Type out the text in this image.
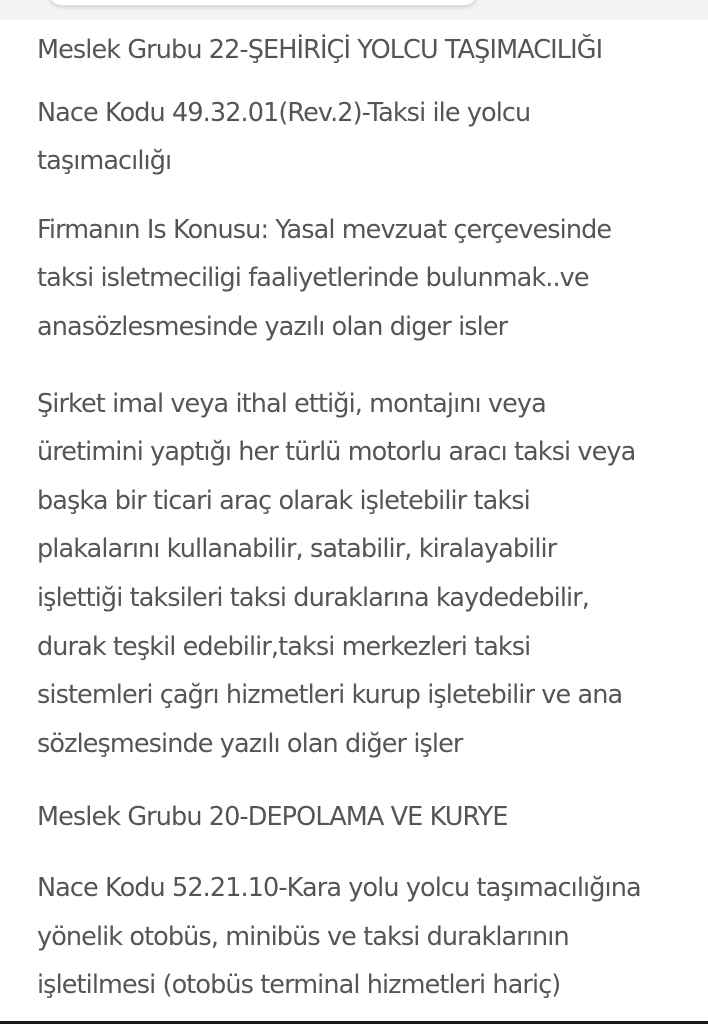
Meslek Grubu 22-ŞEHİRİÇİ YOLCU TAŞIMACILIĞI

Nace Kodu 49.32.01(Rev.2)-Taksi ile yolcu
taşımacılığı

Firmanın Is Konusu: Yasal mevzuat çerçevesinde
taksi isletmeciligi faaliyetlerinde bulunmak..ve
anasözlesmesinde yazılı olan diger isler

Şirket imal veya ithal ettiği, montajını veya
üretimini yaptığı her türlü motorlu aracı taksi veya
başka bir ticari araç olarak işletebilir taksi
plakalarını kullanabilir, satabilir, kiralayabilir
işlettiği taksileri taksi duraklarına kaydedebilir,
durak teşkil edebilir,taksi merkezleri taksi
sistemleri çağrı hizmetleri kurup işletebilir ve ana
sözleşmesinde yazılı olan diğer işler

Meslek Grubu 20-DEPOLAMA VE KURYE

Nace Kodu 52.21.10-Kara yolu yolcu taşımacılığına
yönelik otobüs, minibüs ve taksi duraklarının
işletilmesi (otobüs terminal hizmetleri hariç)
